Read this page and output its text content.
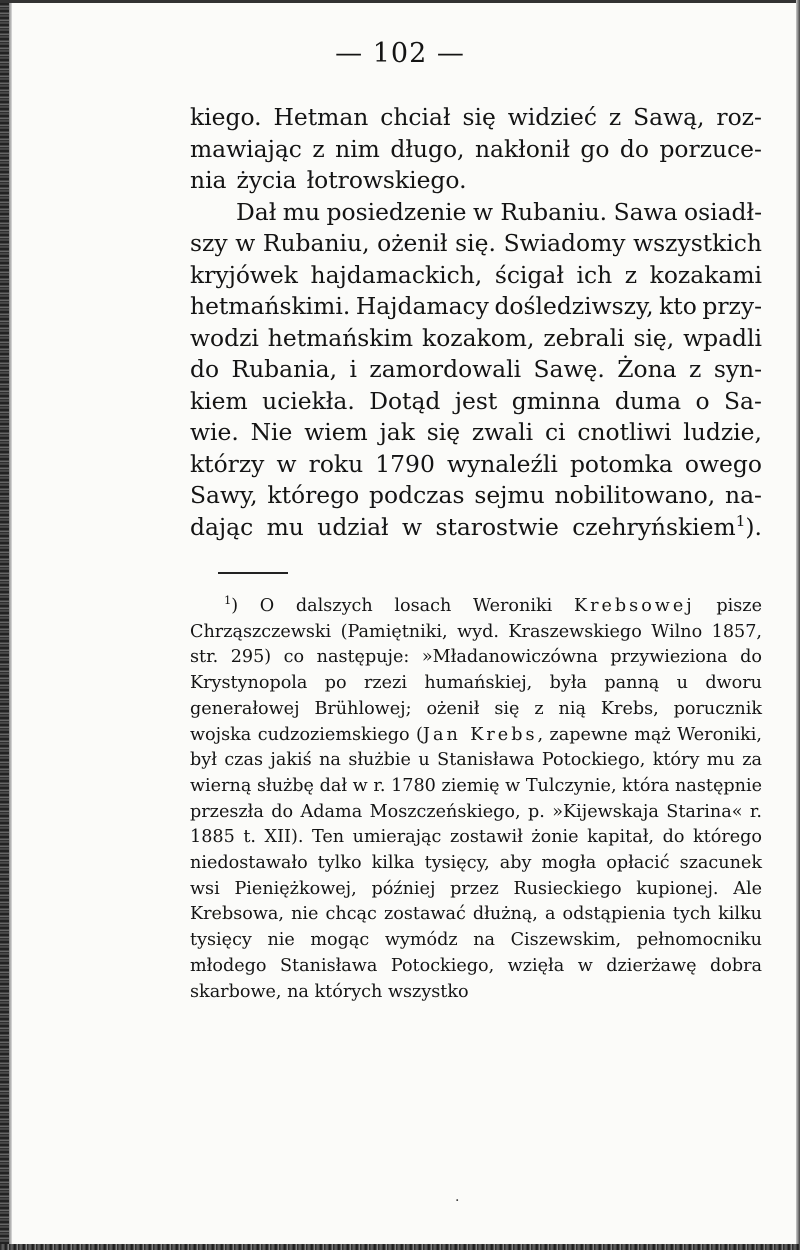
— 102 —
kiego. Hetman chciał się widzieć z Sawą, roz-
mawiając z nim długo, nakłonił go do porzuce-
nia życia łotrowskiego.
Dał mu posiedzenie w Rubaniu. Sawa osiadł-
szy w Rubaniu, ożenił się. Swiadomy wszystkich
kryjówek hajdamackich, ścigał ich z kozakami
hetmańskimi. Hajdamacy doślеdziwszy, kto przy-
wodzi hetmańskim kozakom, zebrali się, wpadli
do Rubania, i zamordowali Sawę. Żona z syn-
kiem uciekła. Dotąd jest gminna duma o Sa-
wie. Nie wiem jak się zwali ci cnotliwi ludzie,
którzy w roku 1790 wynaleźli potomka owego
Sawy, którego podczas sejmu nobilitowano, na-
dając mu udział w starostwie czehryńskiem$^1$).
$^1$) O dalszych losach Weroniki Krebsowej pisze Chrząszczewski (Pamiętniki, wyd. Kraszewskiego Wilno 1857, str. 295) co następuje: »Młаdanowiczówna przywieziona do Krystynopola po rzezi humańskiej, była panną u dworu generałowej Brühlowej; ożenił się z nią Krebs, porucznik wojska cudzoziemskiego (Jan Krebs, zapewne mąż Weroniki, był czas jakiś na służbie u Stanisława Potockiego, który mu za wierną służbę dał w r. 1780 ziemię w Tulczynie, która następnie przeszła do Adama Moszczeńskiego, p. »Kijewskaja Starina« r. 1885 t. XII). Ten umierając zostawił żonie kapitał, do którego niedostawało tylko kilka tysięcy, aby mogła opłacić szacunek wsi Pieniężkowej, później przez Rusieckiego kupionej. Ale Krebsowa, nie chcąc zostawać dłużną, a odstąpienia tych kilku tysięcy nie mogąc wymódz na Ciszewskim, pełnomocniku młodego Stanisława Potockiego, wzięła w dzierżawę dobra skarbowe, na których wszystko
·
